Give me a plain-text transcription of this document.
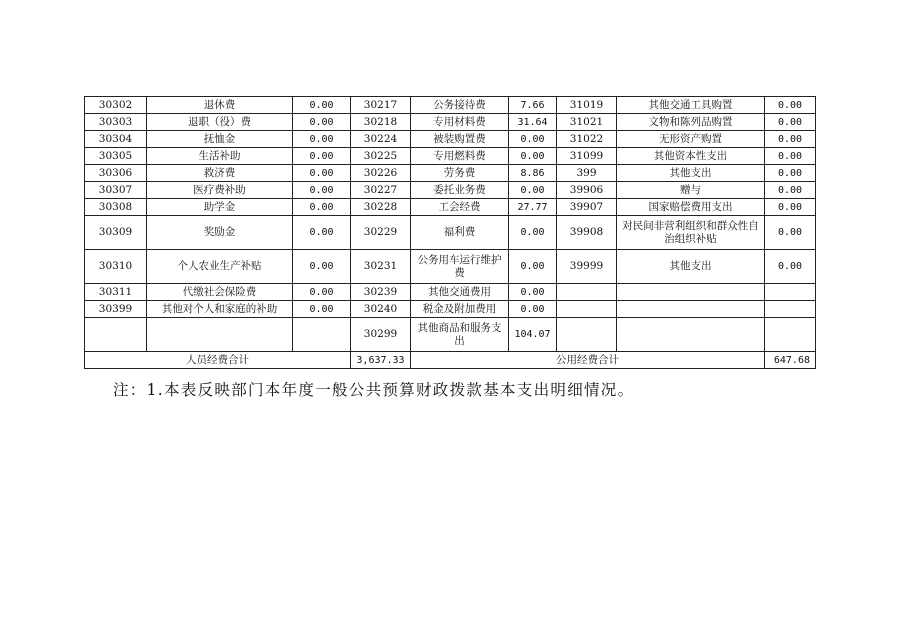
30302	退休费	0.00	30217	公务接待费	7.66	31019	其他交通工具购置	0.00
30303	退职（役）费	0.00	30218	专用材料费	31.64	31021	文物和陈列品购置	0.00
30304	抚恤金	0.00	30224	被装购置费	0.00	31022	无形资产购置	0.00
30305	生活补助	0.00	30225	专用燃料费	0.00	31099	其他资本性支出	0.00
30306	救济费	0.00	30226	劳务费	8.86	399	其他支出	0.00
30307	医疗费补助	0.00	30227	委托业务费	0.00	39906	赠与	0.00
30308	助学金	0.00	30228	工会经费	27.77	39907	国家赔偿费用支出	0.00
30309	奖励金	0.00	30229	福利费	0.00	39908	对民间非营利组织和群众性自治组织补贴	0.00
30310	个人农业生产补贴	0.00	30231	公务用车运行维护费	0.00	39999	其他支出	0.00
30311	代缴社会保险费	0.00	30239	其他交通费用	0.00			
30399	其他对个人和家庭的补助	0.00	30240	税金及附加费用	0.00			
			30299	其他商品和服务支出	104.07			
人员经费合计			3,637.33	公用经费合计				647.68
注：1.本表反映部门本年度一般公共预算财政拨款基本支出明细情况。
